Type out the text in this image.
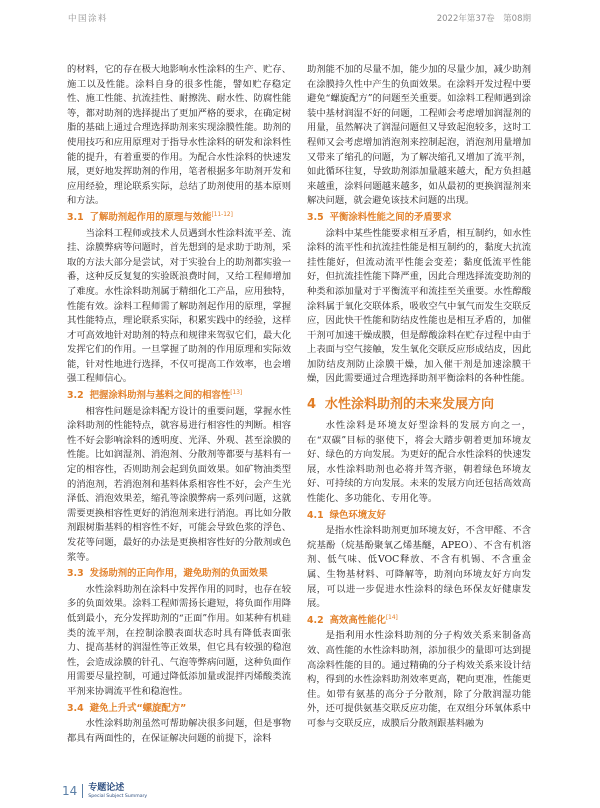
中国涂料	2022年第37卷　第08期

的材料，它的存在极大地影响水性涂料的生产、贮存、施工以及性能。涂料自身的很多性能，譬如贮存稳定性、施工性能、抗流挂性、耐擦洗、耐水性、防腐性能等，都对助剂的选择提出了更加严格的要求，在确定树脂的基础上通过合理选择助剂来实现涂膜性能。助剂的使用技巧和应用原理对于指导水性涂料的研发和涂料性能的提升，有着重要的作用。为配合水性涂料的快速发展，更好地发挥助剂的作用，笔者根据多年助剂开发和应用经验，理论联系实际，总结了助剂使用的基本原则和方法。

3.1 了解助剂起作用的原理与效能[11-12]

当涂料工程师或技术人员遇到水性涂料流平差、流挂、涂膜弊病等问题时，首先想到的是求助于助剂，采取的方法大部分是尝试，对于实验台上的助剂都实验一番，这种反反复复的实验既浪费时间，又给工程师增加了难度。水性涂料助剂属于精细化工产品，应用独特，性能有效。涂料工程师需了解助剂起作用的原理，掌握其性能特点，理论联系实际，积累实践中的经验，这样才可高效地针对助剂的特点和规律来驾驭它们，最大化发挥它们的作用。一旦掌握了助剂的作用原理和实际效能，针对性地进行选择，不仅可提高工作效率，也会增强工程师信心。

3.2 把握涂料助剂与基料之间的相容性[13]

相容性问题是涂料配方设计的重要问题，掌握水性涂料助剂的性能特点，就容易进行相容性的判断。相容性不好会影响涂料的透明度、光泽、外观、甚至涂膜的性能。比如润湿剂、消泡剂、分散剂等都要与基料有一定的相容性，否则助剂会起到负面效果。如矿物油类型的消泡剂，若消泡剂和基料体系相容性不好，会产生光泽低、消泡效果差，缩孔等涂膜弊病一系列问题，这就需要更换相容性更好的消泡剂来进行消泡。再比如分散剂跟树脂基料的相容性不好，可能会导致色浆的浮色、发花等问题，最好的办法是更换相容性好的分散剂或色浆等。

3.3 发扬助剂的正向作用，避免助剂的负面效果

水性涂料助剂在涂料中发挥作用的同时，也存在较多的负面效果。涂料工程师需扬长避短，将负面作用降低到最小，充分发挥助剂的“正面”作用。如某种有机硅类的流平剂，在控制涂膜表面状态时具有降低表面张力、提高基材的润湿性等正效果，但它具有较强的稳泡性，会造成涂膜的针孔、气泡等弊病问题，这种负面作用需要尽量控制，可通过降低添加量或混拌丙烯酸类流平剂来协调流平性和稳泡性。

3.4 避免上升式“螺旋配方”

水性涂料助剂虽然可帮助解决很多问题，但是事物都具有两面性的，在保证解决问题的前提下，涂料

助剂能不加的尽量不加，能少加的尽量少加，减少助剂在涂膜持久性中产生的负面效果。在涂料开发过程中要避免“螺旋配方”的问题至关重要。如涂料工程师遇到涂装中基材润湿不好的问题，工程师会考虑增加润湿剂的用量，虽然解决了润湿问题但又导致起泡较多，这时工程师又会考虑增加消泡剂来控制起泡，消泡剂用量增加又带来了缩孔的问题，为了解决缩孔又增加了流平剂，如此循环往复，导致助剂添加量越来越大，配方负担越来越重，涂料问题越来越多，如从最初的更换润湿剂来解决问题，就会避免该技术问题的出现。

3.5 平衡涂料性能之间的矛盾要求

涂料中某些性能要求相互矛盾，相互制约，如水性涂料的流平性和抗流挂性能是相互制约的，黏度大抗流挂性能好，但流动流平性能会变差；黏度低流平性能好，但抗流挂性能下降严重，因此合理选择流变助剂的种类和添加量对于平衡流平和流挂至关重要。水性醇酸涂料属于氧化交联体系，吸收空气中氧气而发生交联反应，因此快干性能和防结皮性能也是相互矛盾的，加催干剂可加速干燥成膜，但是醇酸涂料在贮存过程中由于上表面与空气接触，发生氧化交联反应形成结皮，因此加防结皮剂防止涂膜干燥，加入催干剂是加速涂膜干燥，因此需要通过合理选择助剂平衡涂料的各种性能。

4 水性涂料助剂的未来发展方向

水性涂料是环境友好型涂料的发展方向之一，在“双碳”目标的驱使下，将会大踏步朝着更加环境友好、绿色的方向发展。为更好的配合水性涂料的快速发展，水性涂料助剂也必将并驾齐驱，朝着绿色环境友好、可持续的方向发展。未来的发展方向还包括高效高性能化、多功能化、专用化等。

4.1 绿色环境友好

是指水性涂料助剂更加环境友好，不含甲醛、不含烷基酚（烷基酚聚氧乙烯基醚，APEO）、不含有机溶剂、低气味、低VOC释放、不含有机锡、不含重金属、生物基材料、可降解等，助剂向环境友好方向发展，可以进一步促进水性涂料的绿色环保友好健康发展。

4.2 高效高性能化[14]

是指利用水性涂料助剂的分子构效关系来制备高效、高性能的水性涂料助剂，添加很少的量即可达到提高涂料性能的目的。通过精确的分子构效关系来设计结构，得到的水性涂料助剂效率更高，靶向更准，性能更佳。如带有氨基的高分子分散剂，除了分散润湿功能外，还可提供氨基交联反应功能，在双组分环氧体系中可参与交联反应，成膜后分散剂跟基料融为

14 专题论述
Special Subject Summary
